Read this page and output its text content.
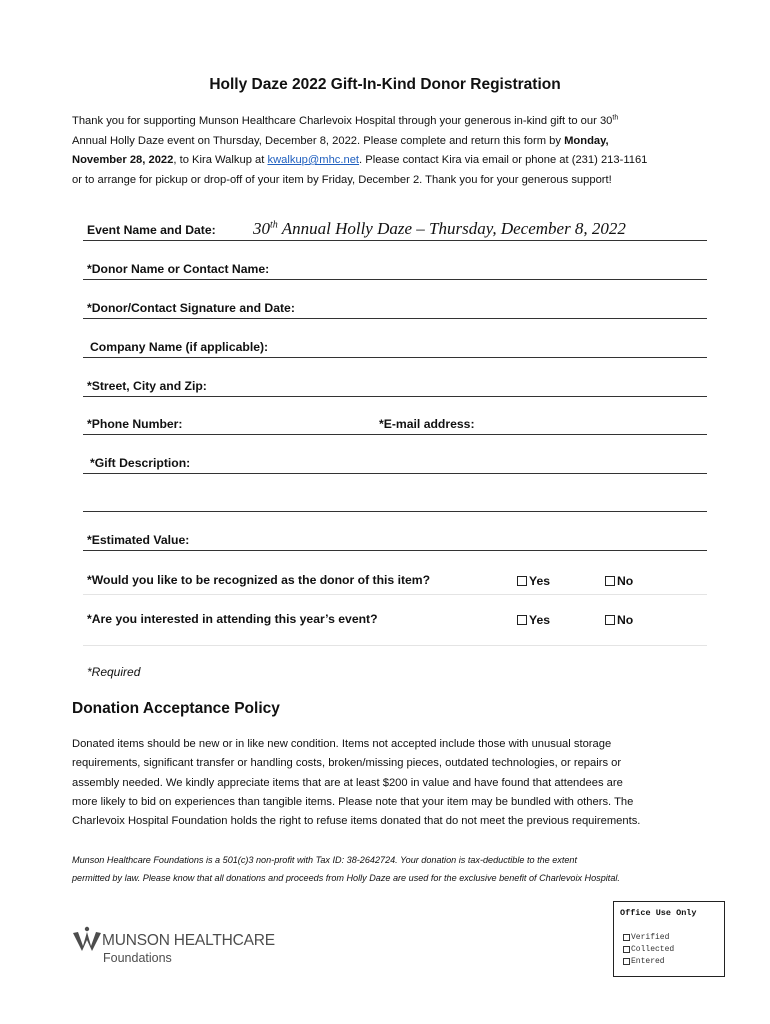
Holly Daze 2022 Gift-In-Kind Donor Registration
Thank you for supporting Munson Healthcare Charlevoix Hospital through your generous in-kind gift to our 30th
Annual Holly Daze event on Thursday, December 8, 2022. Please complete and return this form by Monday,
November 28, 2022, to Kira Walkup at kwalkup@mhc.net. Please contact Kira via email or phone at (231) 213-1161
or to arrange for pickup or drop-off of your item by Friday, December 2. Thank you for your generous support!
Event Name and Date: 30th Annual Holly Daze – Thursday, December 8, 2022
*Donor Name or Contact Name:
*Donor/Contact Signature and Date:
Company Name (if applicable):
*Street, City and Zip:
*Phone Number:	*E-mail address:
*Gift Description:
*Estimated Value:
*Would you like to be recognized as the donor of this item?	Yes	No
*Are you interested in attending this year’s event?	Yes	No
*Required
Donation Acceptance Policy
Donated items should be new or in like new condition. Items not accepted include those with unusual storage
requirements, significant transfer or handling costs, broken/missing pieces, outdated technologies, or repairs or
assembly needed. We kindly appreciate items that are at least $200 in value and have found that attendees are
more likely to bid on experiences than tangible items. Please note that your item may be bundled with others. The
Charlevoix Hospital Foundation holds the right to refuse items donated that do not meet the previous requirements.
Munson Healthcare Foundations is a 501(c)3 non-profit with Tax ID: 38-2642724. Your donation is tax-deductible to the extent
permitted by law. Please know that all donations and proceeds from Holly Daze are used for the exclusive benefit of Charlevoix Hospital.
MUNSON HEALTHCARE
Foundations
Office Use Only
Verified
Collected
Entered
